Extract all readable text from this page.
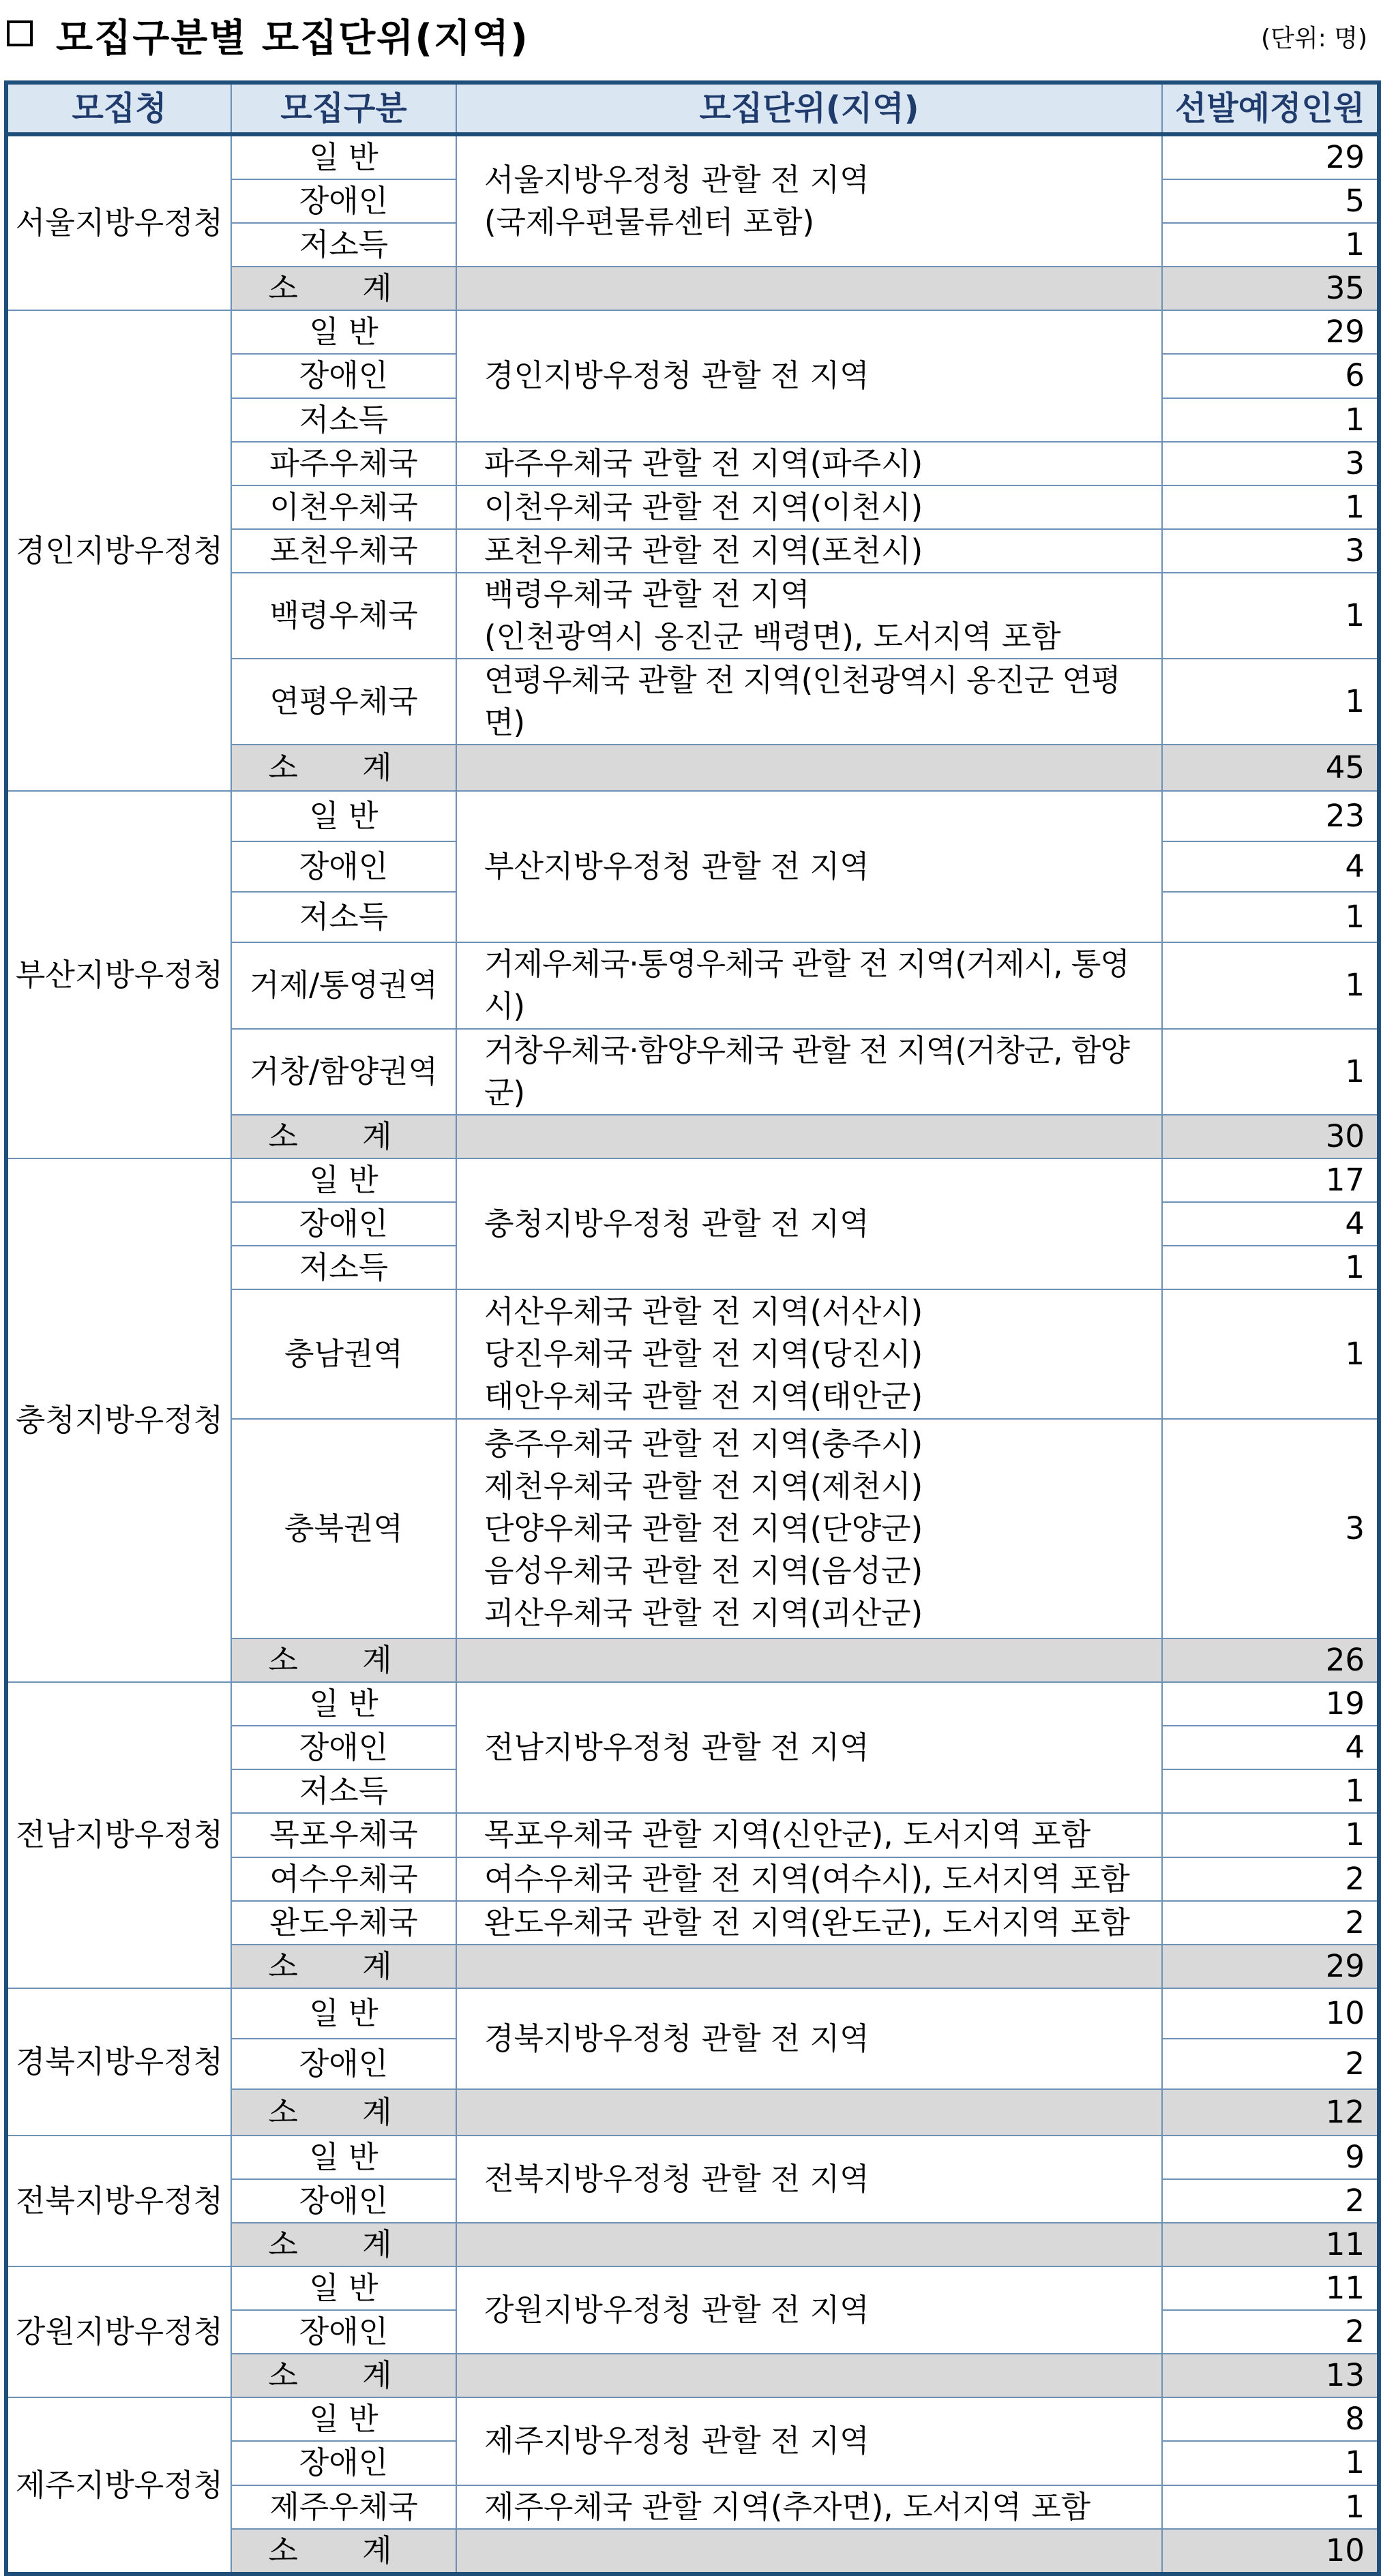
모집구분별 모집단위(지역)	(단위: 명)
모집청	모집구분	모집단위(지역)	선발예정인원
서울지방우정청	일 반	서울지방우정청 관할 전 지역
(국제우편물류센터 포함)	29
	장애인		5
	저소득		1
	소 계		35
경인지방우정청	일 반	경인지방우정청 관할 전 지역	29
	장애인		6
	저소득		1
	파주우체국	파주우체국 관할 전 지역(파주시)	3
	이천우체국	이천우체국 관할 전 지역(이천시)	1
	포천우체국	포천우체국 관할 전 지역(포천시)	3
	백령우체국	백령우체국 관할 전 지역
(인천광역시 옹진군 백령면), 도서지역 포함	1
	연평우체국	연평우체국 관할 전 지역(인천광역시 옹진군 연평면)	1
	소 계		45
부산지방우정청	일 반	부산지방우정청 관할 전 지역	23
	장애인		4
	저소득		1
	거제/통영권역	거제우체국·통영우체국 관할 전 지역(거제시, 통영시)	1
	거창/함양권역	거창우체국·함양우체국 관할 전 지역(거창군, 함양군)	1
	소 계		30
충청지방우정청	일 반	충청지방우정청 관할 전 지역	17
	장애인		4
	저소득		1
	충남권역	서산우체국 관할 전 지역(서산시)
당진우체국 관할 전 지역(당진시)
태안우체국 관할 전 지역(태안군)	1
	충북권역	충주우체국 관할 전 지역(충주시)
제천우체국 관할 전 지역(제천시)
단양우체국 관할 전 지역(단양군)
음성우체국 관할 전 지역(음성군)
괴산우체국 관할 전 지역(괴산군)	3
	소 계		26
전남지방우정청	일 반	전남지방우정청 관할 전 지역	19
	장애인		4
	저소득		1
	목포우체국	목포우체국 관할 지역(신안군), 도서지역 포함	1
	여수우체국	여수우체국 관할 전 지역(여수시), 도서지역 포함	2
	완도우체국	완도우체국 관할 전 지역(완도군), 도서지역 포함	2
	소 계		29
경북지방우정청	일 반	경북지방우정청 관할 전 지역	10
	장애인		2
	소 계		12
전북지방우정청	일 반	전북지방우정청 관할 전 지역	9
	장애인		2
	소 계		11
강원지방우정청	일 반	강원지방우정청 관할 전 지역	11
	장애인		2
	소 계		13
제주지방우정청	일 반	제주지방우정청 관할 전 지역	8
	장애인		1
	제주우체국	제주우체국 관할 지역(추자면), 도서지역 포함	1
	소 계		10
